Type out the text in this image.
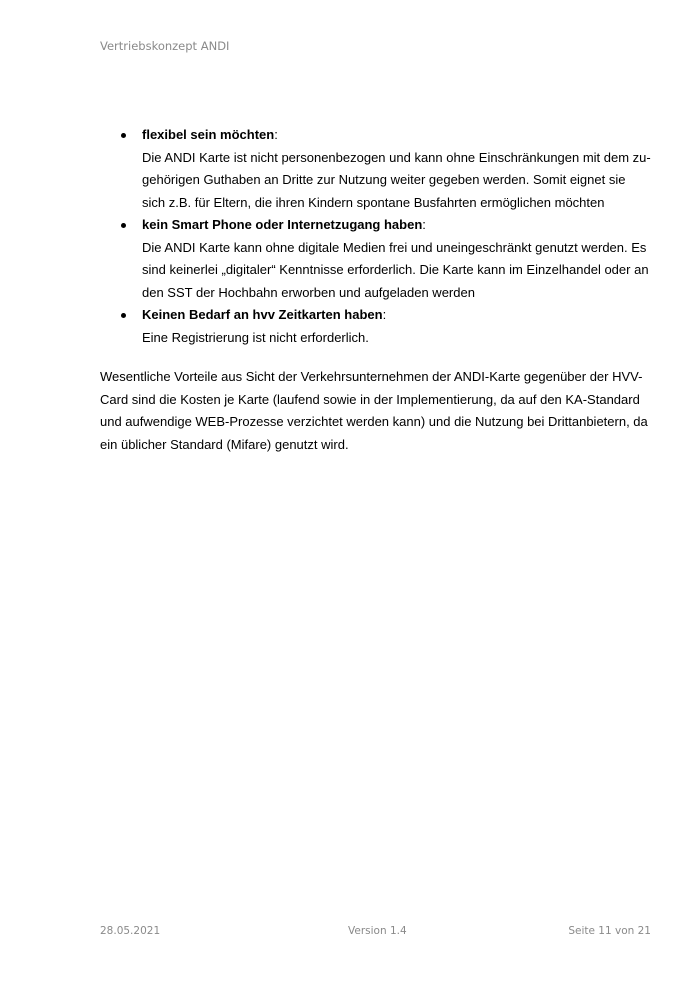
Vertriebskonzept ANDI
flexibel sein möchten:

Die ANDI Karte ist nicht personenbezogen und kann ohne Einschränkungen mit dem zu-
gehörigen Guthaben an Dritte zur Nutzung weiter gegeben werden. Somit eignet sie
sich z.B. für Eltern, die ihren Kindern spontane Busfahrten ermöglichen möchten

kein Smart Phone oder Internetzugang haben:

Die ANDI Karte kann ohne digitale Medien frei und uneingeschränkt genutzt werden. Es
sind keinerlei „digitaler“ Kenntnisse erforderlich. Die Karte kann im Einzelhandel oder an
den SST der Hochbahn erworben und aufgeladen werden

Keinen Bedarf an hvv Zeitkarten haben:

Eine Registrierung ist nicht erforderlich.

Wesentliche Vorteile aus Sicht der Verkehrsunternehmen der ANDI-Karte gegenüber der HVV-
Card sind die Kosten je Karte (laufend sowie in der Implementierung, da auf den KA-Standard
und aufwendige WEB-Prozesse verzichtet werden kann) und die Nutzung bei Drittanbietern, da
ein üblicher Standard (Mifare) genutzt wird.

28.05.2021	Version 1.4	Seite 11 von 21
